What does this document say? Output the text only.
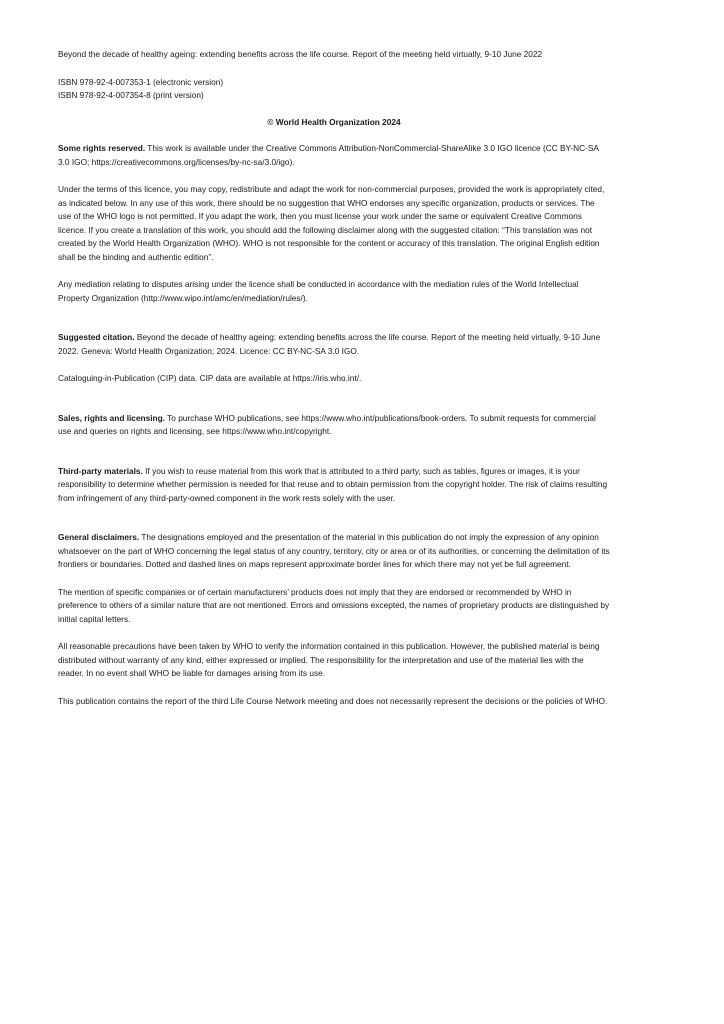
Beyond the decade of healthy ageing: extending benefits across the life course. Report of the meeting held virtually, 9-10 June 2022

ISBN 978-92-4-007353-1 (electronic version)
ISBN 978-92-4-007354-8 (print version)

© World Health Organization 2024

Some rights reserved. This work is available under the Creative Commons Attribution-NonCommercial-ShareAlike 3.0 IGO licence (CC BY-NC-SA 3.0 IGO; https://creativecommons.org/licenses/by-nc-sa/3.0/igo).

Under the terms of this licence, you may copy, redistribute and adapt the work for non-commercial purposes, provided the work is appropriately cited, as indicated below. In any use of this work, there should be no suggestion that WHO endorses any specific organization, products or services. The use of the WHO logo is not permitted. If you adapt the work, then you must license your work under the same or equivalent Creative Commons licence. If you create a translation of this work, you should add the following disclaimer along with the suggested citation: “This translation was not created by the World Health Organization (WHO). WHO is not responsible for the content or accuracy of this translation. The original English edition shall be the binding and authentic edition”.

Any mediation relating to disputes arising under the licence shall be conducted in accordance with the mediation rules of the World Intellectual Property Organization (http://www.wipo.int/amc/en/mediation/rules/).

Suggested citation. Beyond the decade of healthy ageing: extending benefits across the life course. Report of the meeting held virtually, 9-10 June 2022. Geneva: World Health Organization; 2024. Licence: CC BY-NC-SA 3.0 IGO.

Cataloguing-in-Publication (CIP) data. CIP data are available at https://iris.who.int/.

Sales, rights and licensing. To purchase WHO publications, see https://www.who.int/publications/book-orders. To submit requests for commercial use and queries on rights and licensing, see https://www.who.int/copyright.

Third-party materials. If you wish to reuse material from this work that is attributed to a third party, such as tables, figures or images, it is your responsibility to determine whether permission is needed for that reuse and to obtain permission from the copyright holder. The risk of claims resulting from infringement of any third-party-owned component in the work rests solely with the user.

General disclaimers. The designations employed and the presentation of the material in this publication do not imply the expression of any opinion whatsoever on the part of WHO concerning the legal status of any country, territory, city or area or of its authorities, or concerning the delimitation of its frontiers or boundaries. Dotted and dashed lines on maps represent approximate border lines for which there may not yet be full agreement.

The mention of specific companies or of certain manufacturers’ products does not imply that they are endorsed or recommended by WHO in preference to others of a similar nature that are not mentioned. Errors and omissions excepted, the names of proprietary products are distinguished by initial capital letters.

All reasonable precautions have been taken by WHO to verify the information contained in this publication. However, the published material is being distributed without warranty of any kind, either expressed or implied. The responsibility for the interpretation and use of the material lies with the reader. In no event shall WHO be liable for damages arising from its use.

This publication contains the report of the third Life Course Network meeting and does not necessarily represent the decisions or the policies of WHO.
